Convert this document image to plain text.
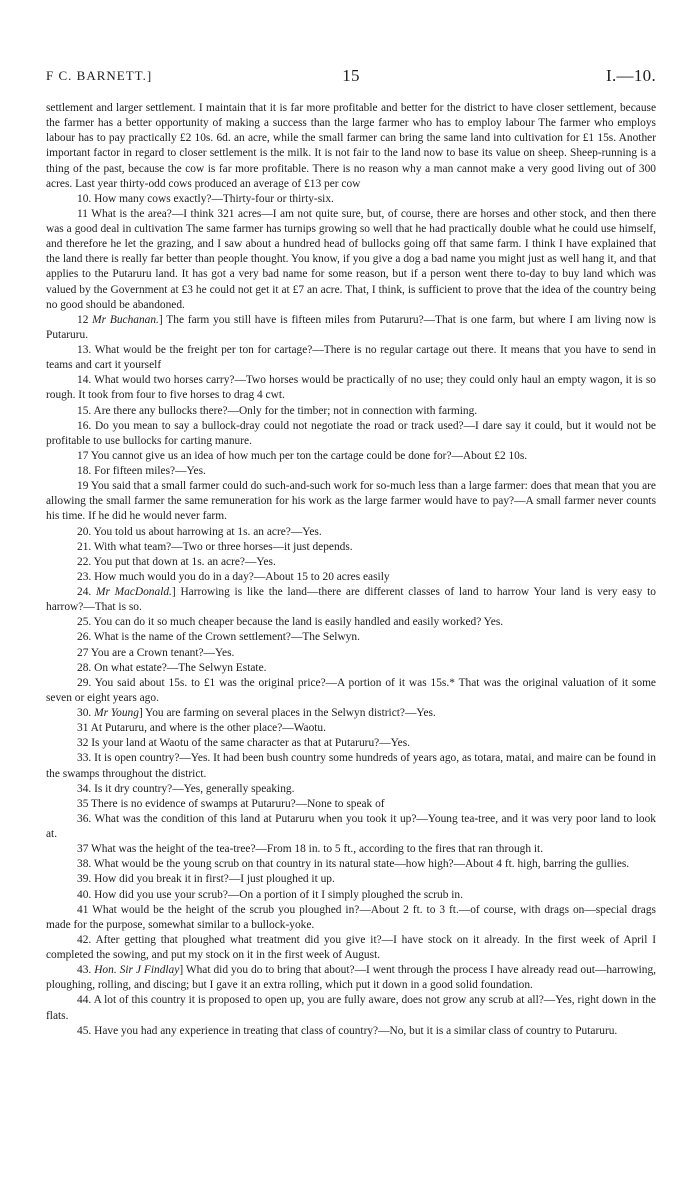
F C. BARNETT.]	15	I.—10.

settlement and larger settlement. I maintain that it is far more profitable and better for the district to have closer settlement, because the farmer has a better opportunity of making a success than the large farmer who has to employ labour The farmer who employs labour has to pay practically £2 10s. 6d. an acre, while the small farmer can bring the same land into cultivation for £1 15s. Another important factor in regard to closer settlement is the milk. It is not fair to the land now to base its value on sheep. Sheep-running is a thing of the past, because the cow is far more profitable. There is no reason why a man cannot make a very good living out of 300 acres. Last year thirty-odd cows produced an average of £13 per cow

10. How many cows exactly?—Thirty-four or thirty-six.

11 What is the area?—I think 321 acres—I am not quite sure, but, of course, there are horses and other stock, and then there was a good deal in cultivation The same farmer has turnips growing so well that he had practically double what he could use himself, and therefore he let the grazing, and I saw about a hundred head of bullocks going off that same farm. I think I have explained that the land there is really far better than people thought. You know, if you give a dog a bad name you might just as well hang it, and that applies to the Putaruru land. It has got a very bad name for some reason, but if a person went there to-day to buy land which was valued by the Government at £3 he could not get it at £7 an acre. That, I think, is sufficient to prove that the idea of the country being no good should be abandoned.

12 Mr Buchanan.] The farm you still have is fifteen miles from Putaruru?—That is one farm, but where I am living now is Putaruru.

13. What would be the freight per ton for cartage?—There is no regular cartage out there. It means that you have to send in teams and cart it yourself

14. What would two horses carry?—Two horses would be practically of no use; they could only haul an empty wagon, it is so rough. It took from four to five horses to drag 4 cwt.

15. Are there any bullocks there?—Only for the timber; not in connection with farming.

16. Do you mean to say a bullock-dray could not negotiate the road or track used?—I dare say it could, but it would not be profitable to use bullocks for carting manure.

17 You cannot give us an idea of how much per ton the cartage could be done for?—About £2 10s.

18. For fifteen miles?—Yes.

19 You said that a small farmer could do such-and-such work for so-much less than a large farmer: does that mean that you are allowing the small farmer the same remuneration for his work as the large farmer would have to pay?—A small farmer never counts his time. If he did he would never farm.

20. You told us about harrowing at 1s. an acre?—Yes.

21. With what team?—Two or three horses—it just depends.

22. You put that down at 1s. an acre?—Yes.

23. How much would you do in a day?—About 15 to 20 acres easily

24. Mr MacDonald.] Harrowing is like the land—there are different classes of land to harrow Your land is very easy to harrow?—That is so.

25. You can do it so much cheaper because the land is easily handled and easily worked? Yes.

26. What is the name of the Crown settlement?—The Selwyn.

27 You are a Crown tenant?—Yes.

28. On what estate?—The Selwyn Estate.

29. You said about 15s. to £1 was the original price?—A portion of it was 15s.* That was the original valuation of it some seven or eight years ago.

30. Mr Young] You are farming on several places in the Selwyn district?—Yes.

31 At Putaruru, and where is the other place?—Waotu.

32 Is your land at Waotu of the same character as that at Putaruru?—Yes.

33. It is open country?—Yes. It had been bush country some hundreds of years ago, as totara, matai, and maire can be found in the swamps throughout the district.

34. Is it dry country?—Yes, generally speaking.

35 There is no evidence of swamps at Putaruru?—None to speak of

36. What was the condition of this land at Putaruru when you took it up?—Young tea-tree, and it was very poor land to look at.

37 What was the height of the tea-tree?—From 18 in. to 5 ft., according to the fires that ran through it.

38. What would be the young scrub on that country in its natural state—how high?—About 4 ft. high, barring the gullies.

39. How did you break it in first?—I just ploughed it up.

40. How did you use your scrub?—On a portion of it I simply ploughed the scrub in.

41 What would be the height of the scrub you ploughed in?—About 2 ft. to 3 ft.—of course, with drags on—special drags made for the purpose, somewhat similar to a bullock-yoke.

42. After getting that ploughed what treatment did you give it?—I have stock on it already. In the first week of April I completed the sowing, and put my stock on it in the first week of August.

43. Hon. Sir J Findlay] What did you do to bring that about?—I went through the process I have already read out—harrowing, ploughing, rolling, and discing; but I gave it an extra rolling, which put it down in a good solid foundation.

44. A lot of this country it is proposed to open up, you are fully aware, does not grow any scrub at all?—Yes, right down in the flats.

45. Have you had any experience in treating that class of country?—No, but it is a similar class of country to Putaruru.
